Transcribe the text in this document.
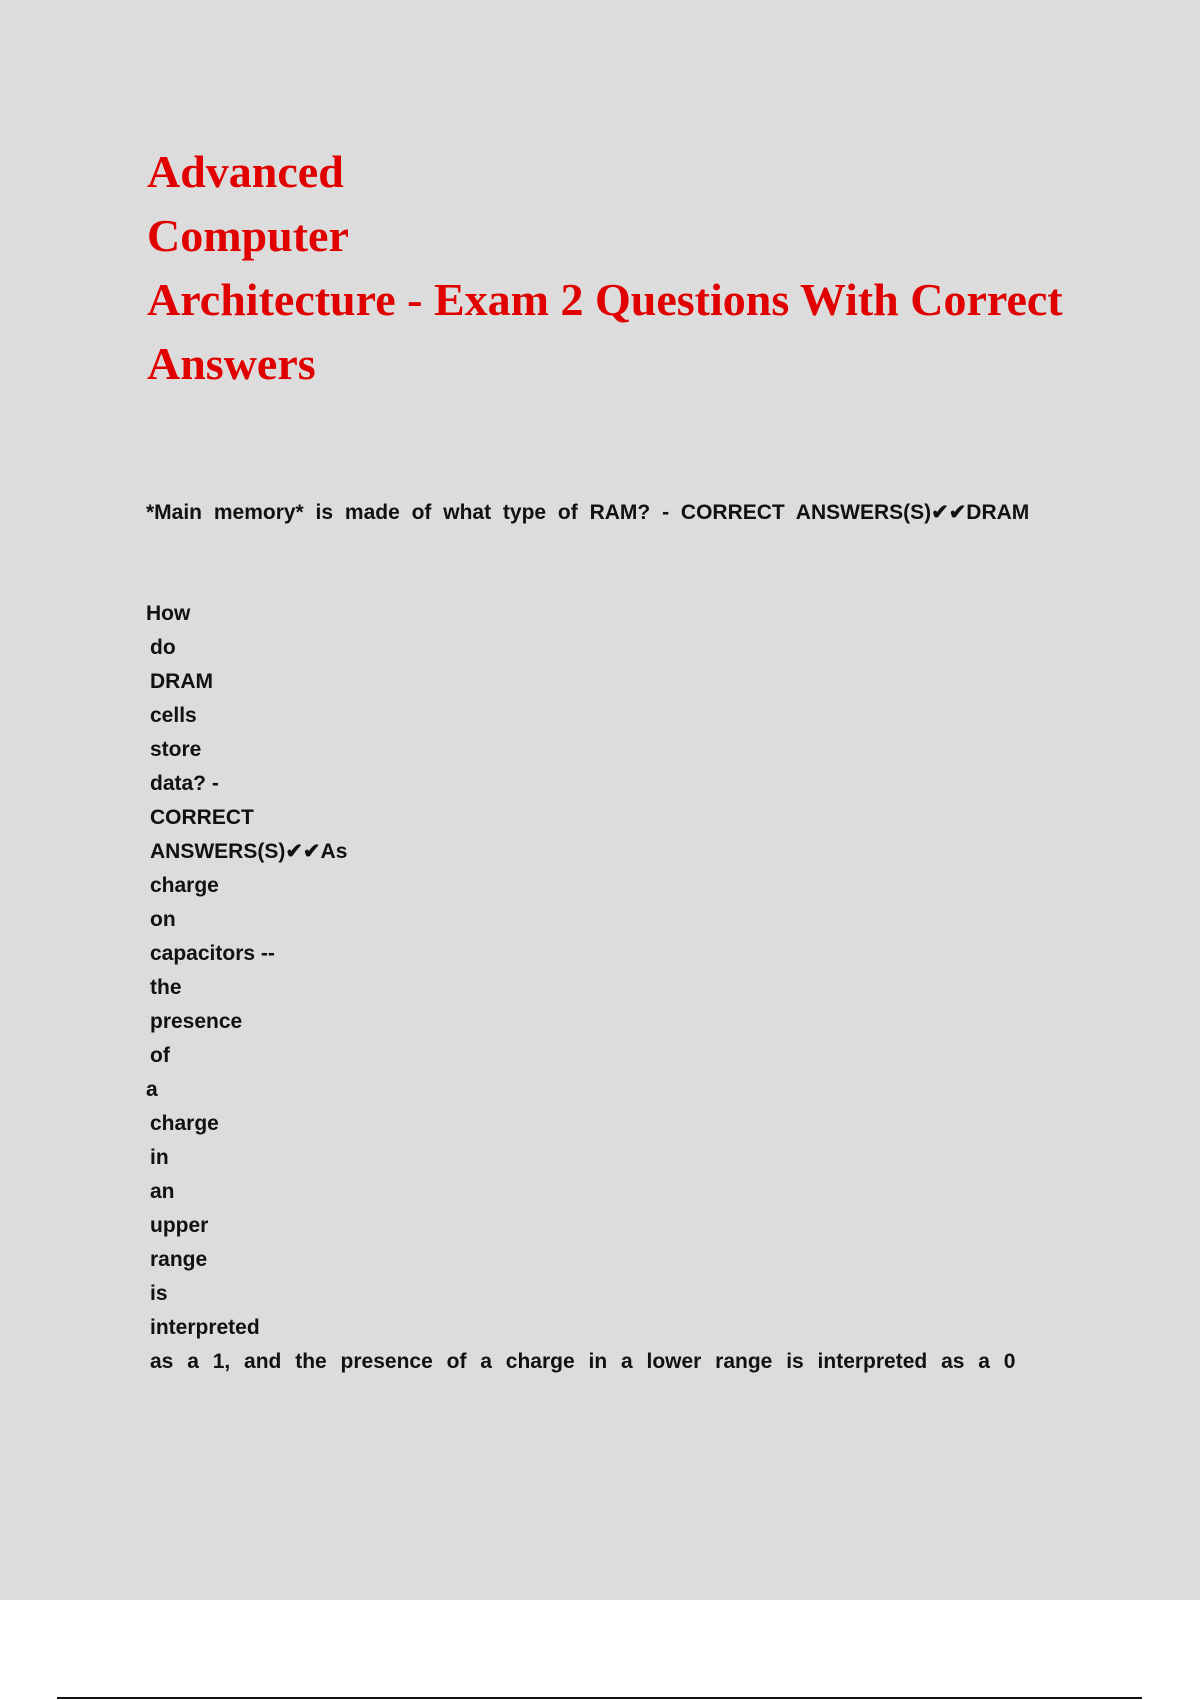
Advanced
Computer
Architecture - Exam 2 Questions With Correct
Answers

*Main memory* is made of what type of RAM? - CORRECT ANSWERS(S)✔✔DRAM

How
do
DRAM
cells
store
data? -
CORRECT
ANSWERS(S)✔✔As
charge
on
capacitors --
the
presence
of
a
charge
in
an
upper
range
is
interpreted
as a 1, and the presence of a charge in a lower range is interpreted as a 0
